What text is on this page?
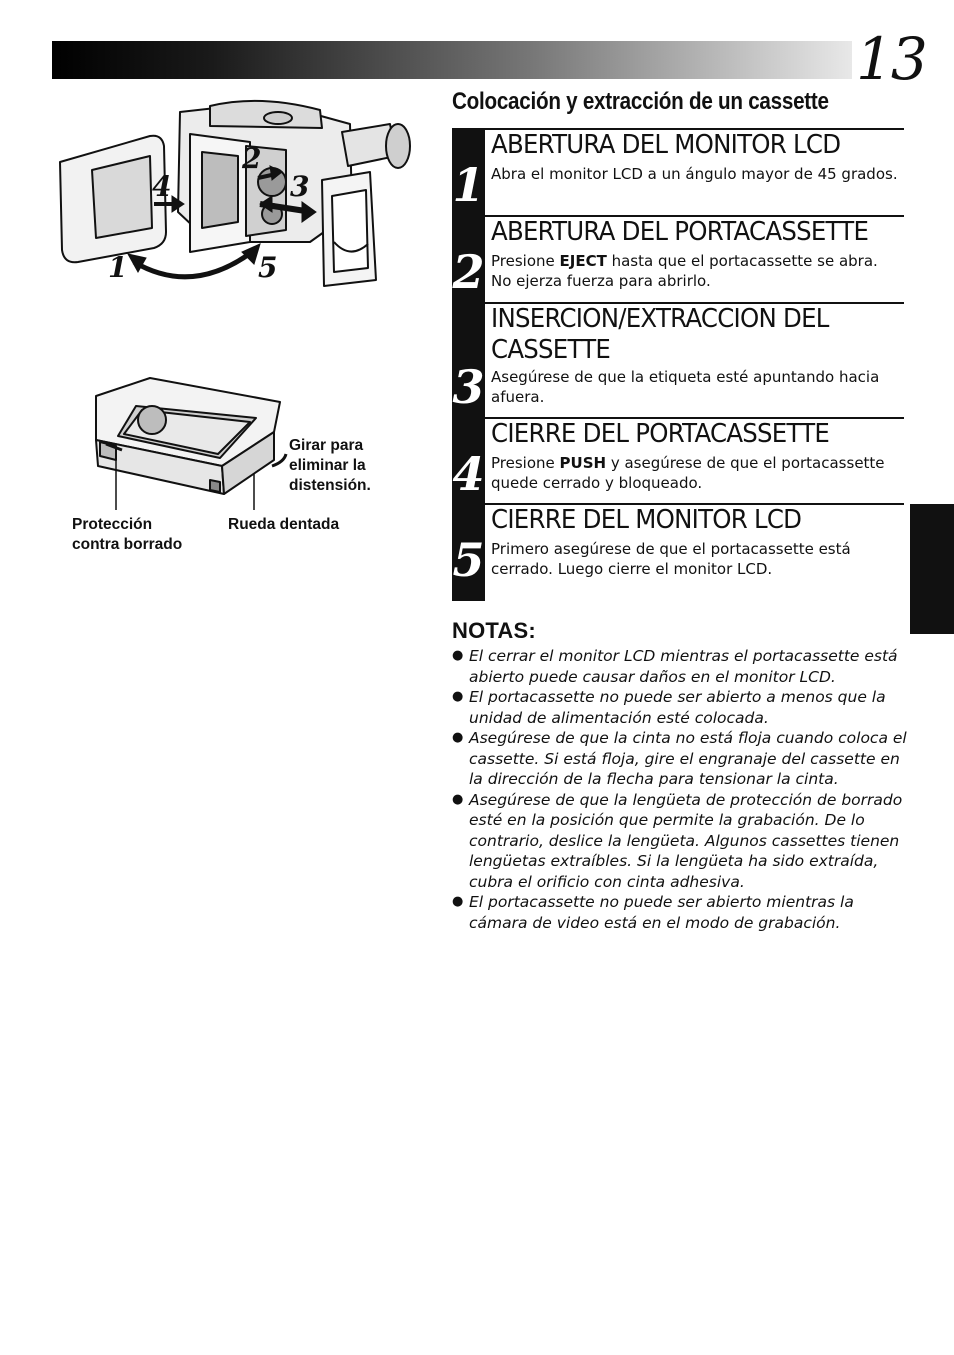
13
1
2
3
4
5
Girar para eliminar la distensión.
Rueda dentada
Protección contra borrado
Colocación y extracción de un cassette
1
ABERTURA DEL MONITOR LCD
Abra el monitor LCD a un ángulo mayor de 45 grados.
2
ABERTURA DEL PORTACASSETTE
Presione EJECT hasta que el portacassette se abra. No ejerza fuerza para abrirlo.
3
INSERCION/EXTRACCION DEL CASSETTE
Asegúrese de que la etiqueta esté apuntando hacia afuera.
4
CIERRE DEL PORTACASSETTE
Presione PUSH y asegúrese de que el portacassette quede cerrado y bloqueado.
5
CIERRE DEL MONITOR LCD
Primero asegúrese de que el portacassette está cerrado. Luego cierre el monitor LCD.
NOTAS:
● El cerrar el monitor LCD mientras el portacassette está abierto puede causar daños en el monitor LCD.
● El portacassette no puede ser abierto a menos que la unidad de alimentación esté colocada.
● Asegúrese de que la cinta no está floja cuando coloca el cassette. Si está floja, gire el engranaje del cassette en la dirección de la flecha para tensionar la cinta.
● Asegúrese de que la lengüeta de protección de borrado esté en la posición que permite la grabación. De lo contrario, deslice la lengüeta. Algunos cassettes tienen lengüetas extraíbles. Si la lengüeta ha sido extraída, cubra el orificio con cinta adhesiva.
● El portacassette no puede ser abierto mientras la cámara de video está en el modo de grabación.
